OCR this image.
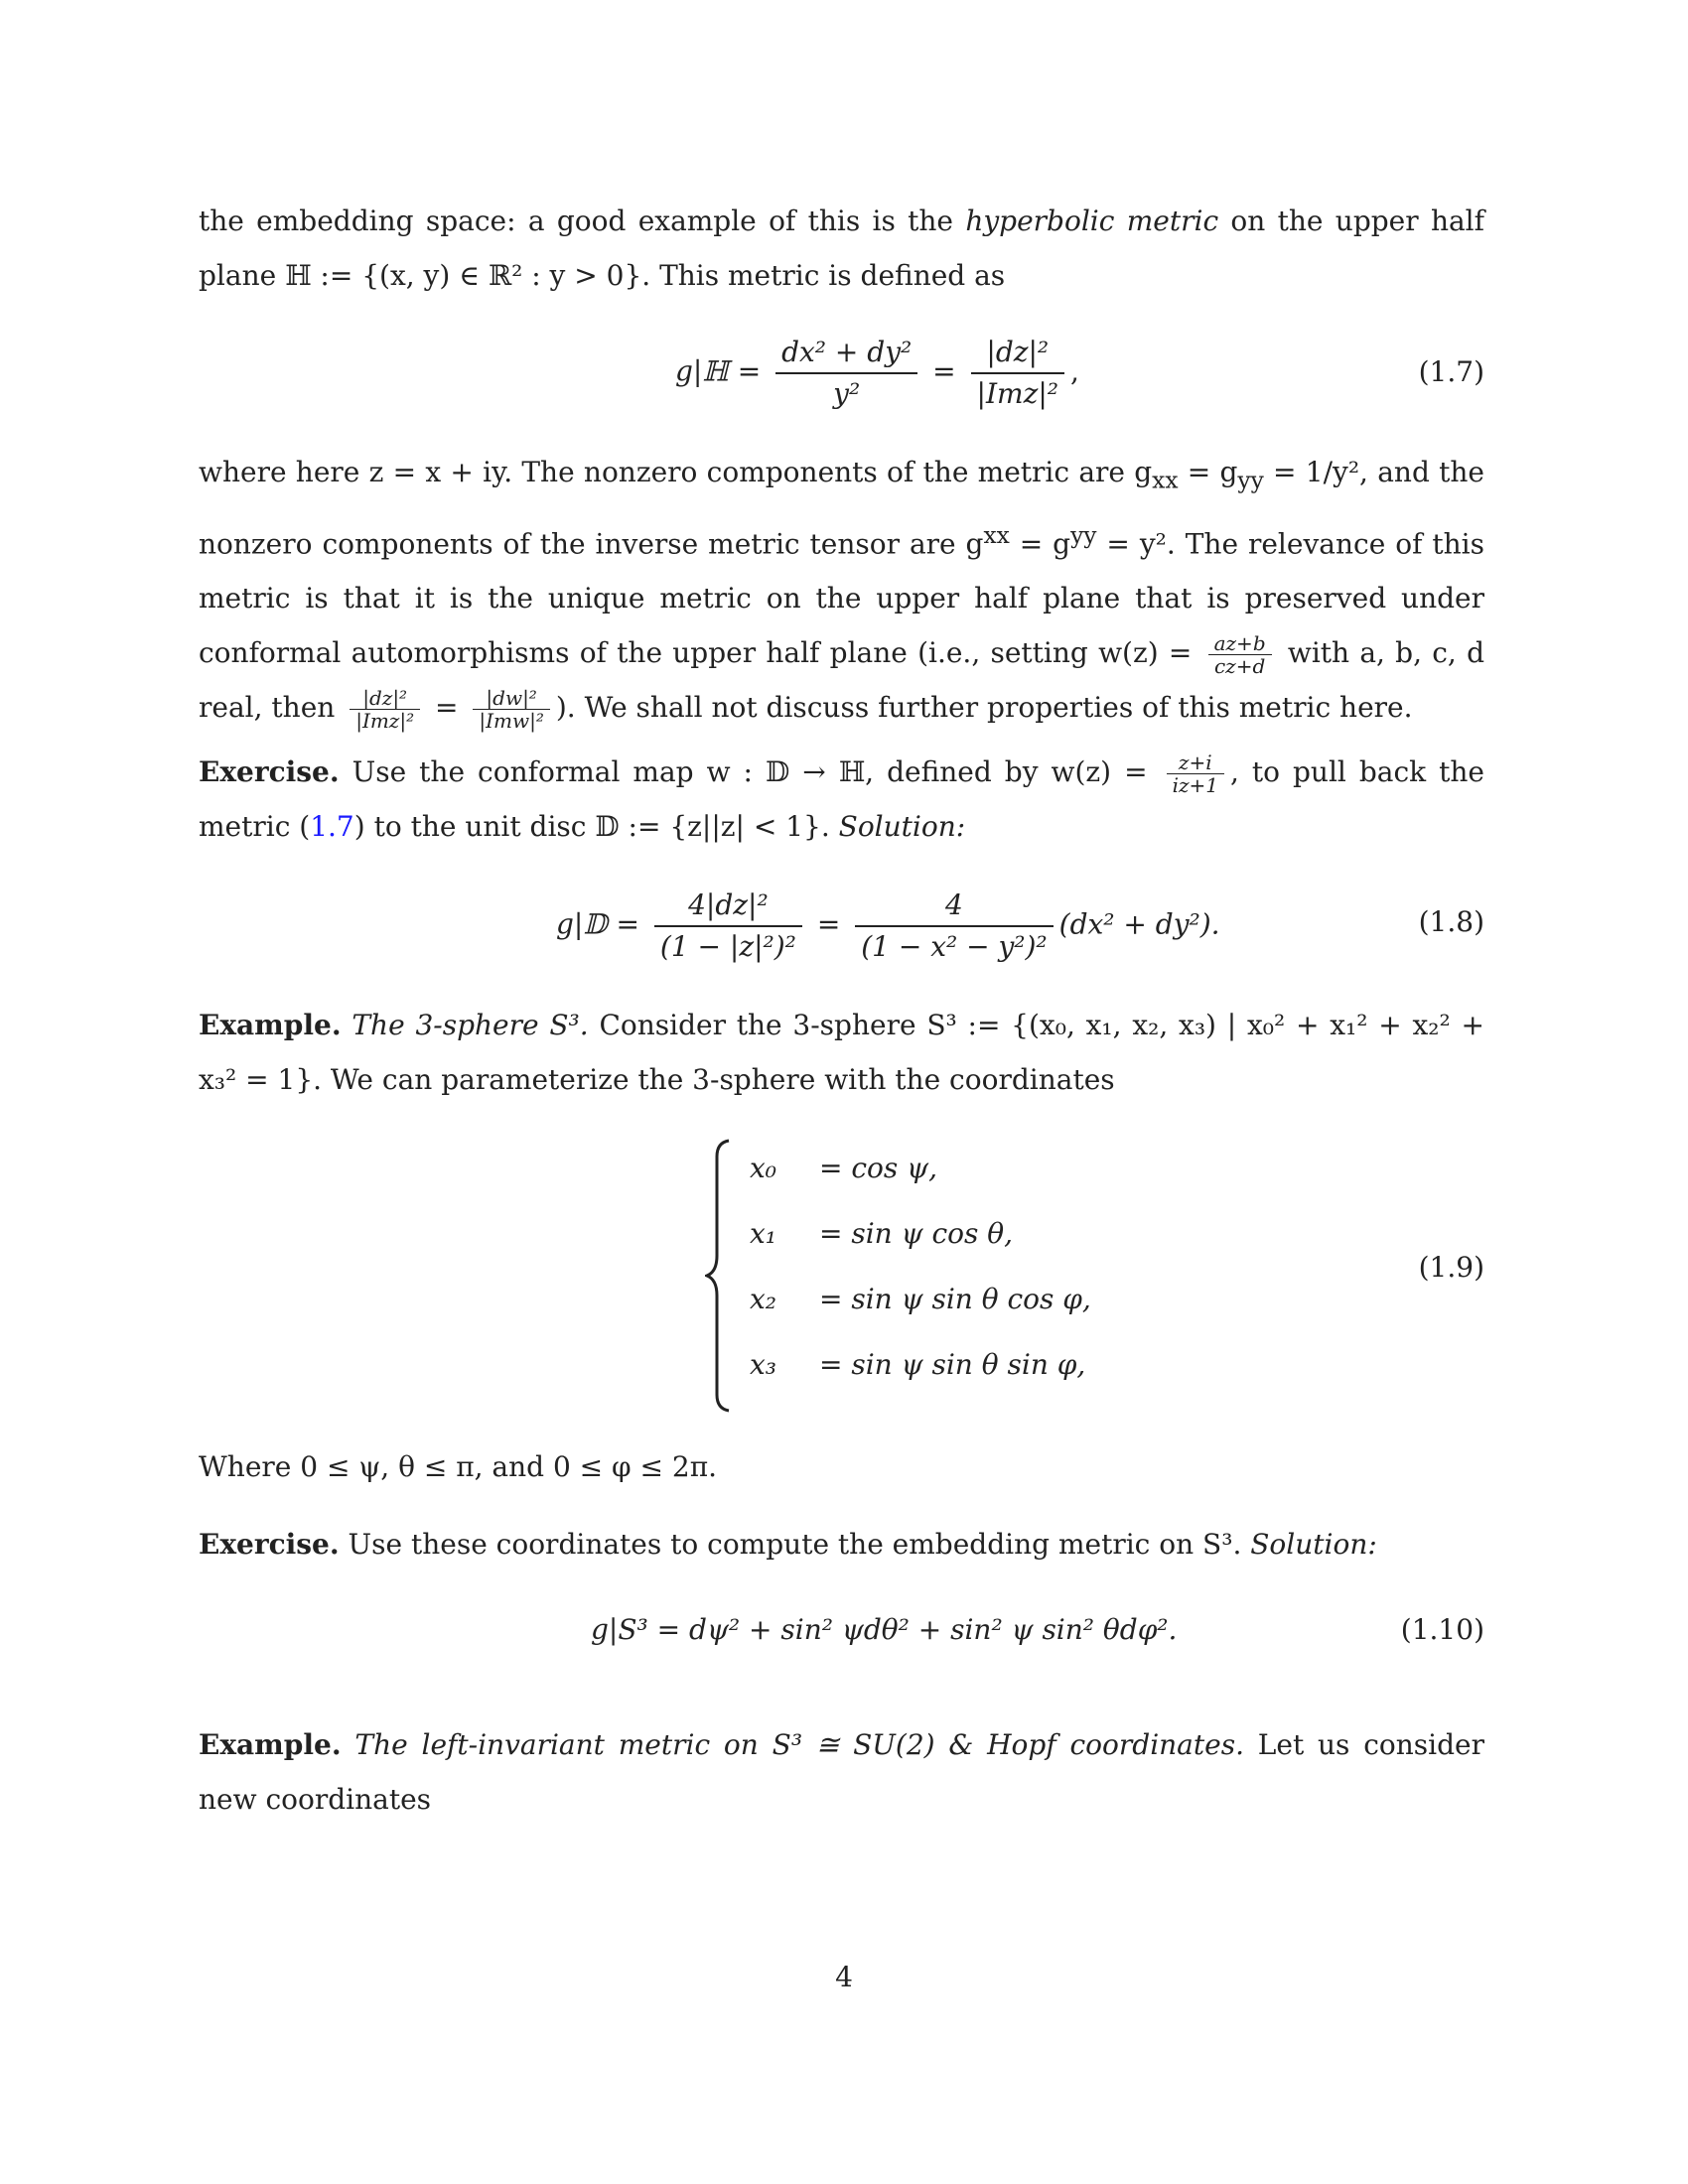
the embedding space: a good example of this is the hyperbolic metric on the upper half plane ℍ := {(x, y) ∈ ℝ² : y > 0}. This metric is defined as

g|ℍ = $\frac{\text{dx² + dy²}}{\text{y²}} = \frac{\text{|dz|²}}{\text{|Imz|²}}$ ,	(1.7)

where here z = x + iy. The nonzero components of the metric are $g_{xx} = g_{yy} = 1/y^2$, and the nonzero components of the inverse metric tensor are $g^{xx} = g^{yy} = y^2$. The relevance of this metric is that it is the unique metric on the upper half plane that is preserved under conformal automorphisms of the upper half plane (i.e., setting $w(z) = \frac{az+b}{cz+d}$ with a, b, c, d real, then $\frac{\text{|dz|²}}{\text{|Imz|²}} = \frac{\text{|dw|²}}{\text{|Imw|²}}$ ). We shall not discuss further properties of this metric here.

Exercise. Use the conformal map w : 𝔻 → ℍ, defined by $w(z) = \frac{z+i}{iz+1}$ , to pull back the metric (1.7) to the unit disc 𝔻 := {z||z| < 1}. Solution:

g|𝔻 = $\frac{\text{4|dz|²}}{\text{(1 − |z|²)²}} = \frac{4}{\text{(1 − x² − y²)²}} (dx^2 + dy^2)$.	(1.8)

Example. The 3-sphere S³. Consider the 3-sphere S³ := {(x₀, x₁, x₂, x₃) | x₀² + x₁² + x₂² + x₃² = 1}. We can parameterize the 3-sphere with the coordinates

x₀ = cos ψ,
x₁ = sin ψ cos θ,
x₂ = sin ψ sin θ cos φ,
x₃ = sin ψ sin θ sin φ,
(1.9)

Where 0 ≤ ψ, θ ≤ π, and 0 ≤ φ ≤ 2π.

Exercise. Use these coordinates to compute the embedding metric on S³. Solution:

g|S³ = dψ² + sin² ψdθ² + sin² ψ sin² θdφ².	(1.10)

Example. The left-invariant metric on S³ ≅ SU(2) & Hopf coordinates. Let us consider new coordinates

4
